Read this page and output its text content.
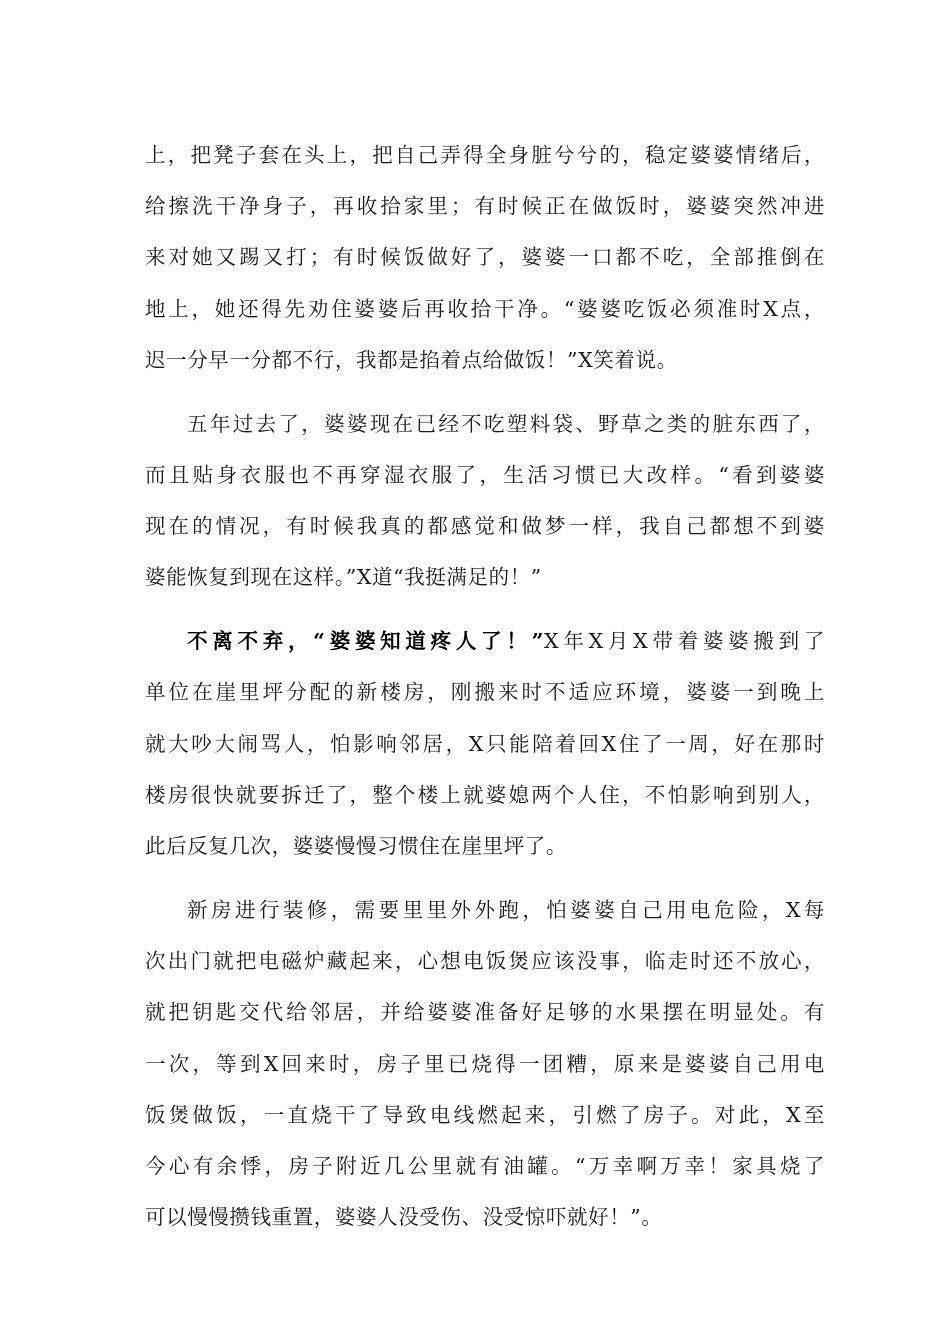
上，把凳子套在头上，把自己弄得全身脏兮兮的，稳定婆婆情绪后，
给擦洗干净身子，再收拾家里；有时候正在做饭时，婆婆突然冲进
来对她又踢又打；有时候饭做好了，婆婆一口都不吃，全部推倒在
地上，她还得先劝住婆婆后再收拾干净。“婆婆吃饭必须准时X点，
迟一分早一分都不行，我都是掐着点给做饭！”X笑着说。
五年过去了，婆婆现在已经不吃塑料袋、野草之类的脏东西了，
而且贴身衣服也不再穿湿衣服了，生活习惯已大改样。“看到婆婆
现在的情况，有时候我真的都感觉和做梦一样，我自己都想不到婆
婆能恢复到现在这样。”X道“我挺满足的！”
不离不弃，“婆婆知道疼人了！”X年X月X带着婆婆搬到了
单位在崖里坪分配的新楼房，刚搬来时不适应环境，婆婆一到晚上
就大吵大闹骂人，怕影响邻居，X只能陪着回X住了一周，好在那时
楼房很快就要拆迁了，整个楼上就婆媳两个人住，不怕影响到别人，
此后反复几次，婆婆慢慢习惯住在崖里坪了。
新房进行装修，需要里里外外跑，怕婆婆自己用电危险，X每
次出门就把电磁炉藏起来，心想电饭煲应该没事，临走时还不放心，
就把钥匙交代给邻居，并给婆婆准备好足够的水果摆在明显处。有
一次，等到X回来时，房子里已烧得一团糟，原来是婆婆自己用电
饭煲做饭，一直烧干了导致电线燃起来，引燃了房子。对此，X至
今心有余悸，房子附近几公里就有油罐。“万幸啊万幸！家具烧了
可以慢慢攒钱重置，婆婆人没受伤、没受惊吓就好！”。
